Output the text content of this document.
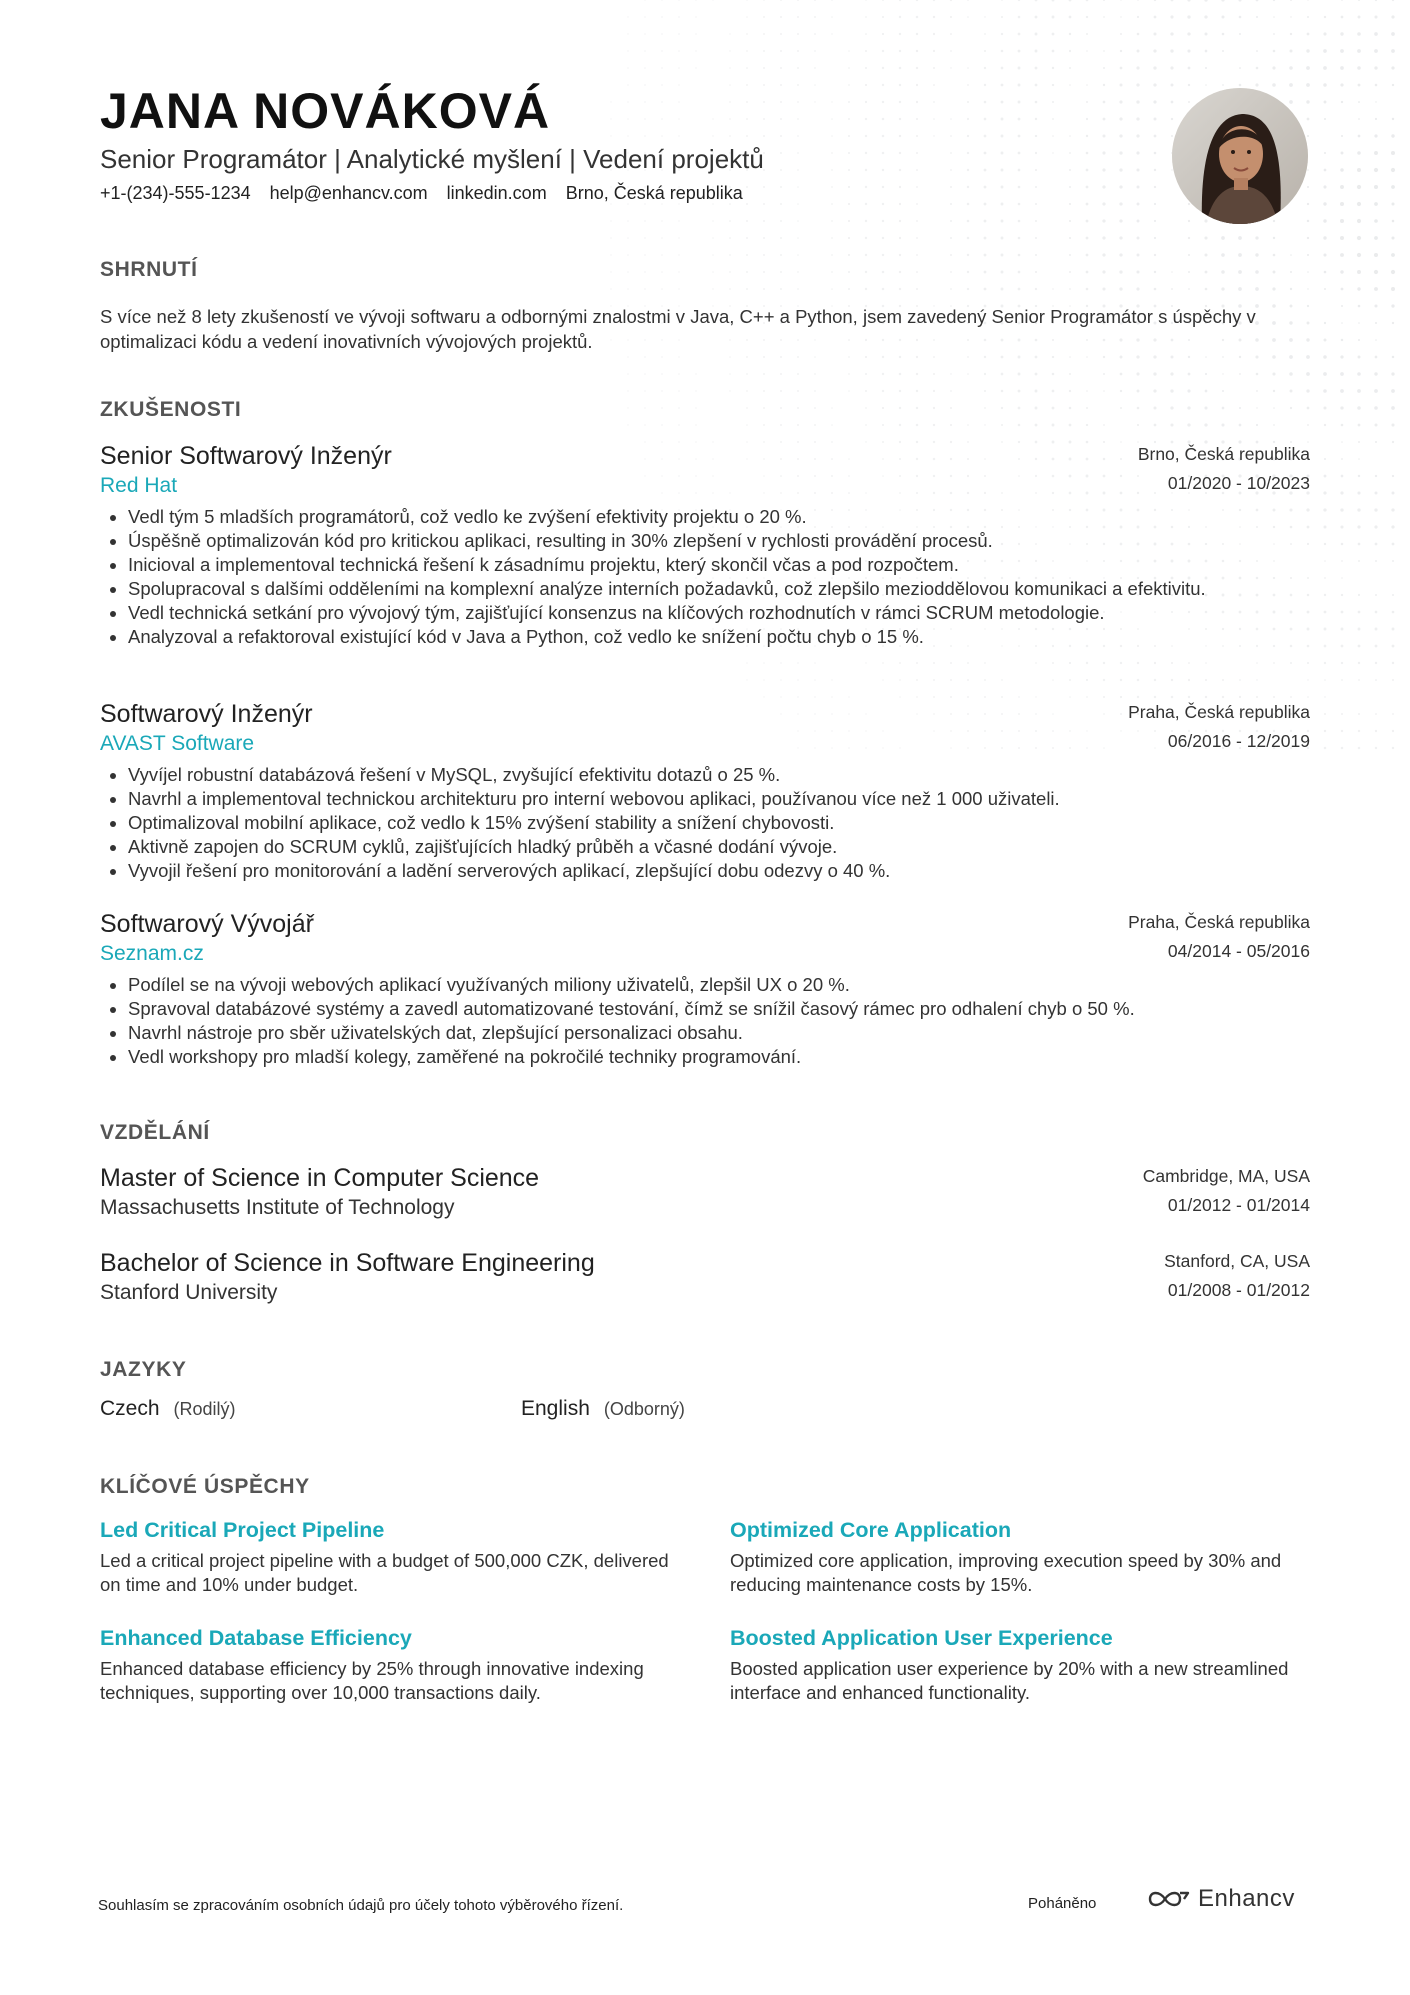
JANA NOVÁKOVÁ
Senior Programátor | Analytické myšlení | Vedení projektů
+1-(234)-555-1234 help@enhancv.com linkedin.com Brno, Česká republika
SHRNUTÍ

S více než 8 lety zkušeností ve vývoji softwaru a odbornými znalostmi v Java, C++ a Python, jsem zavedený Senior Programátor s úspěchy v optimalizaci kódu a vedení inovativních vývojových projektů.

ZKUŠENOSTI
Senior Softwarový Inženýr
Red Hat
Brno, Česká republika
01/2020 - 10/2023
• Vedl tým 5 mladších programátorů, což vedlo ke zvýšení efektivity projektu o 20 %.
• Úspěšně optimalizován kód pro kritickou aplikaci, resulting in 30% zlepšení v rychlosti provádění procesů.
• Inicioval a implementoval technická řešení k zásadnímu projektu, který skončil včas a pod rozpočtem.
• Spolupracoval s dalšími odděleními na komplexní analýze interních požadavků, což zlepšilo mezioddělovou komunikaci a efektivitu.
• Vedl technická setkání pro vývojový tým, zajišťující konsenzus na klíčových rozhodnutích v rámci SCRUM metodologie.
• Analyzoval a refaktoroval existující kód v Java a Python, což vedlo ke snížení počtu chyb o 15 %.
Softwarový Inženýr
AVAST Software
Praha, Česká republika
06/2016 - 12/2019
• Vyvíjel robustní databázová řešení v MySQL, zvyšující efektivitu dotazů o 25 %.
• Navrhl a implementoval technickou architekturu pro interní webovou aplikaci, používanou více než 1 000 uživateli.
• Optimalizoval mobilní aplikace, což vedlo k 15% zvýšení stability a snížení chybovosti.
• Aktivně zapojen do SCRUM cyklů, zajišťujících hladký průběh a včasné dodání vývoje.
• Vyvojil řešení pro monitorování a ladění serverových aplikací, zlepšující dobu odezvy o 40 %.
Softwarový Vývojář
Seznam.cz
Praha, Česká republika
04/2014 - 05/2016
• Podílel se na vývoji webových aplikací využívaných miliony uživatelů, zlepšil UX o 20 %.
• Spravoval databázové systémy a zavedl automatizované testování, čímž se snížil časový rámec pro odhalení chyb o 50 %.
• Navrhl nástroje pro sběr uživatelských dat, zlepšující personalizaci obsahu.
• Vedl workshopy pro mladší kolegy, zaměřené na pokročilé techniky programování.
VZDĚLÁNÍ
Master of Science in Computer Science
Massachusetts Institute of Technology
Cambridge, MA, USA
01/2012 - 01/2014
Bachelor of Science in Software Engineering
Stanford University
Stanford, CA, USA
01/2008 - 01/2012
JAZYKY
Czech (Rodilý)	English (Odborný)
KLÍČOVÉ ÚSPĚCHY
Led Critical Project Pipeline
Led a critical project pipeline with a budget of 500,000 CZK, delivered on time and 10% under budget.
Optimized Core Application
Optimized core application, improving execution speed by 30% and reducing maintenance costs by 15%.
Enhanced Database Efficiency
Enhanced database efficiency by 25% through innovative indexing techniques, supporting over 10,000 transactions daily.
Boosted Application User Experience
Boosted application user experience by 20% with a new streamlined interface and enhanced functionality.
Souhlasím se zpracováním osobních údajů pro účely tohoto výběrového řízení.	Poháněno	Enhancv
